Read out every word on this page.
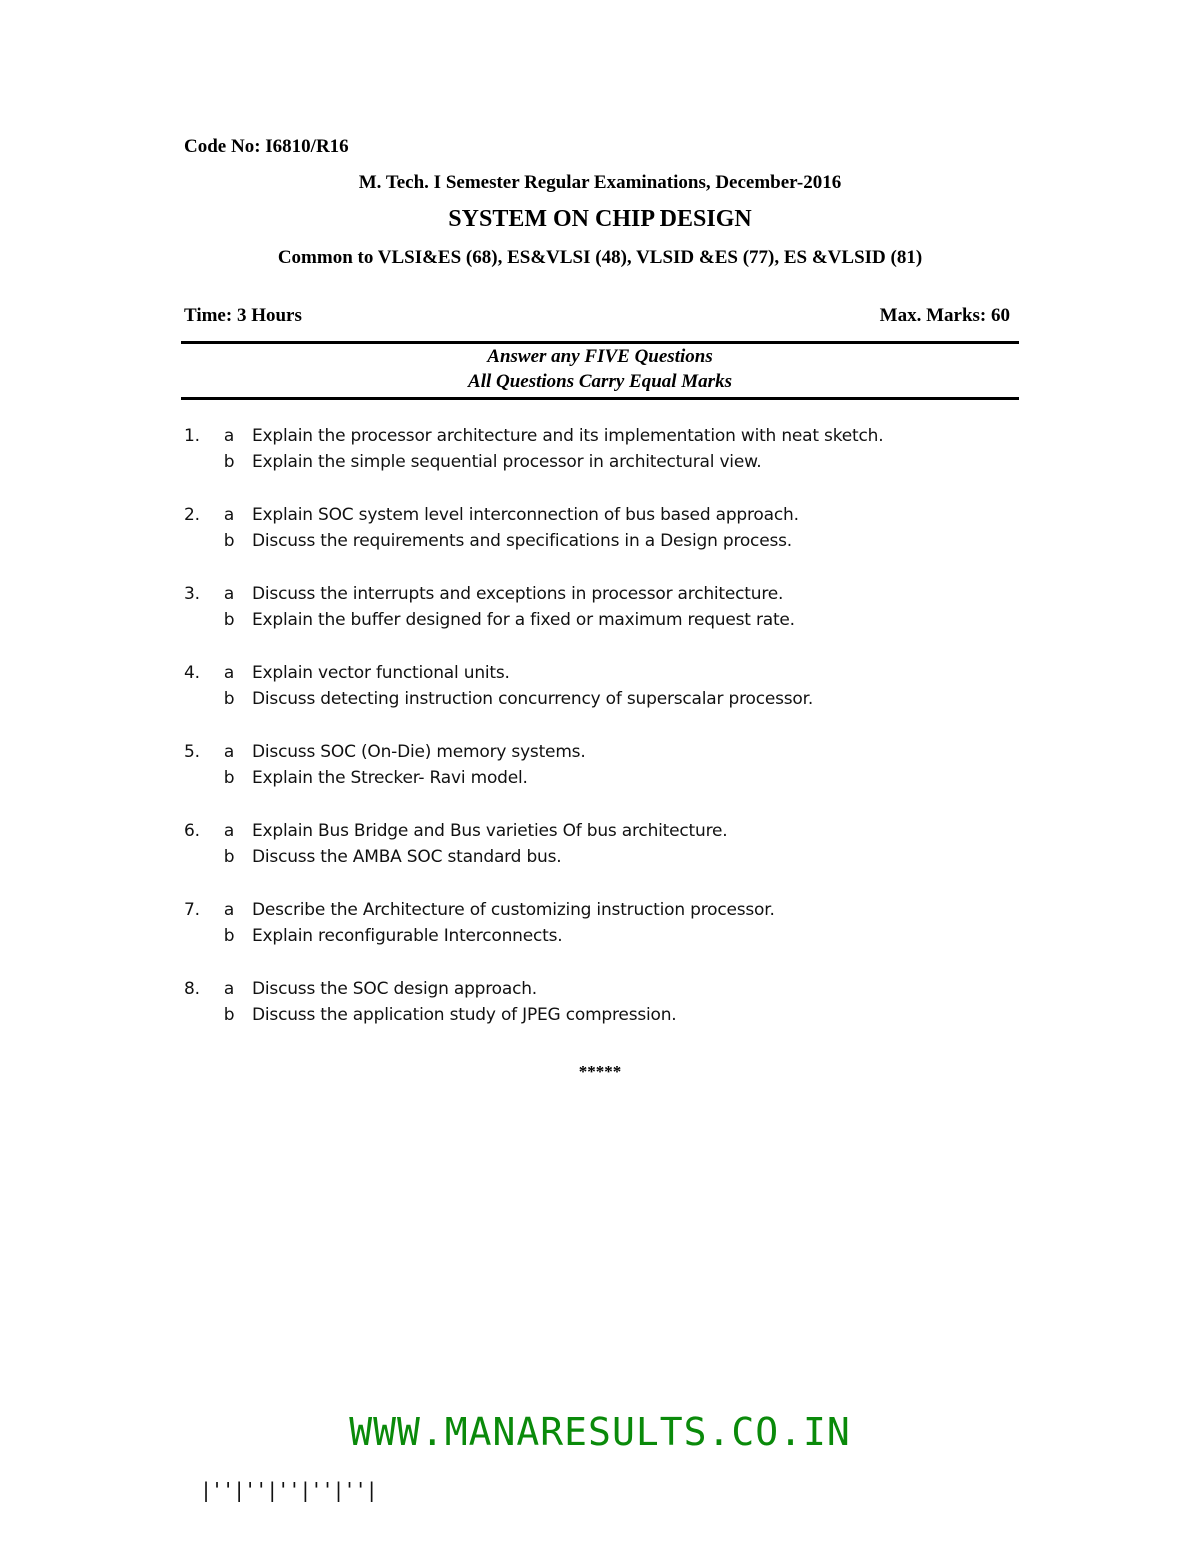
Code No: I6810/R16
M. Tech. I Semester Regular Examinations, December-2016
SYSTEM ON CHIP DESIGN
Common to VLSI&ES (68), ES&VLSI (48), VLSID &ES (77), ES &VLSID (81)
Time: 3 Hours	Max. Marks: 60
Answer any FIVE Questions
All Questions Carry Equal Marks
1. a Explain the processor architecture and its implementation with neat sketch.
b Explain the simple sequential processor in architectural view.
2. a Explain SOC system level interconnection of bus based approach.
b Discuss the requirements and specifications in a Design process.
3. a Discuss the interrupts and exceptions in processor architecture.
b Explain the buffer designed for a fixed or maximum request rate.
4. a Explain vector functional units.
b Discuss detecting instruction concurrency of superscalar processor.
5. a Discuss SOC (On-Die) memory systems.
b Explain the Strecker- Ravi model.
6. a Explain Bus Bridge and Bus varieties Of bus architecture.
b Discuss the AMBA SOC standard bus.
7. a Describe the Architecture of customizing instruction processor.
b Explain reconfigurable Interconnects.
8. a Discuss the SOC design approach.
b Discuss the application study of JPEG compression.
*****
WWW.MANARESULTS.CO.IN
|''|''|''|''|''|
